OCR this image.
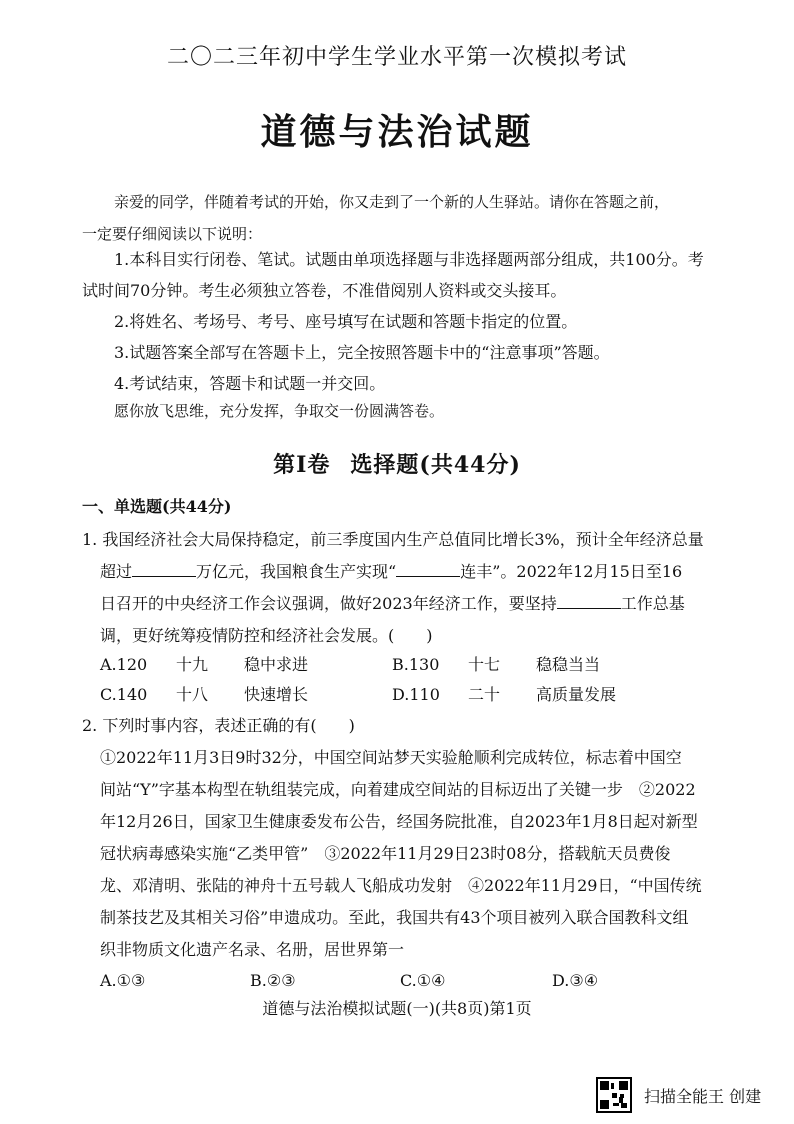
二〇二三年初中学生学业水平第一次模拟考试
道德与法治试题

亲爱的同学，伴随着考试的开始，你又走到了一个新的人生驿站。请你在答题之前，

一定要仔细阅读以下说明：

1.本科目实行闭卷、笔试。试题由单项选择题与非选择题两部分组成，共100分。考试时间70分钟。考生必须独立答卷，不准借阅别人资料或交头接耳。

2.将姓名、考场号、考号、座号填写在试题和答题卡指定的位置。

3.试题答案全部写在答题卡上，完全按照答题卡中的“注意事项”答题。

4.考试结束，答题卡和试题一并交回。

愿你放飞思维，充分发挥，争取交一份圆满答卷。
第Ⅰ卷 选择题(共44分)
一、单选题(共44分)

1. 我国经济社会大局保持稳定，前三季度国内生产总值同比增长3%，预计全年经济总量

超过	万亿元，我国粮食生产实现“	连丰”。2022年12月15日至16

日召开的中央经济工作会议强调，做好2023年经济工作，要坚持	工作总基

调，更好统筹疫情防控和经济社会发展。(　　)

A.120 十九 稳中求进	B.130 十七 稳稳当当
C.140 十八 快速增长	D.110 二十 高质量发展

2. 下列时事内容，表述正确的有(　　)

①2022年11月3日9时32分，中国空间站梦天实验舱顺利完成转位，标志着中国空

间站“Y”字基本构型在轨组装完成，向着建成空间站的目标迈出了关键一步　②2022

年12月26日，国家卫生健康委发布公告，经国务院批准，自2023年1月8日起对新型

冠状病毒感染实施“乙类甲管”　③2022年11月29日23时08分，搭载航天员费俊

龙、邓清明、张陆的神舟十五号载人飞船成功发射　④2022年11月29日，“中国传统

制茶技艺及其相关习俗”申遗成功。至此，我国共有43个项目被列入联合国教科文组

织非物质文化遗产名录、名册，居世界第一

A.①③	B.②③	C.①④	D.③④
道德与法治模拟试题(一)(共8页)第1页
扫描全能王 创建
